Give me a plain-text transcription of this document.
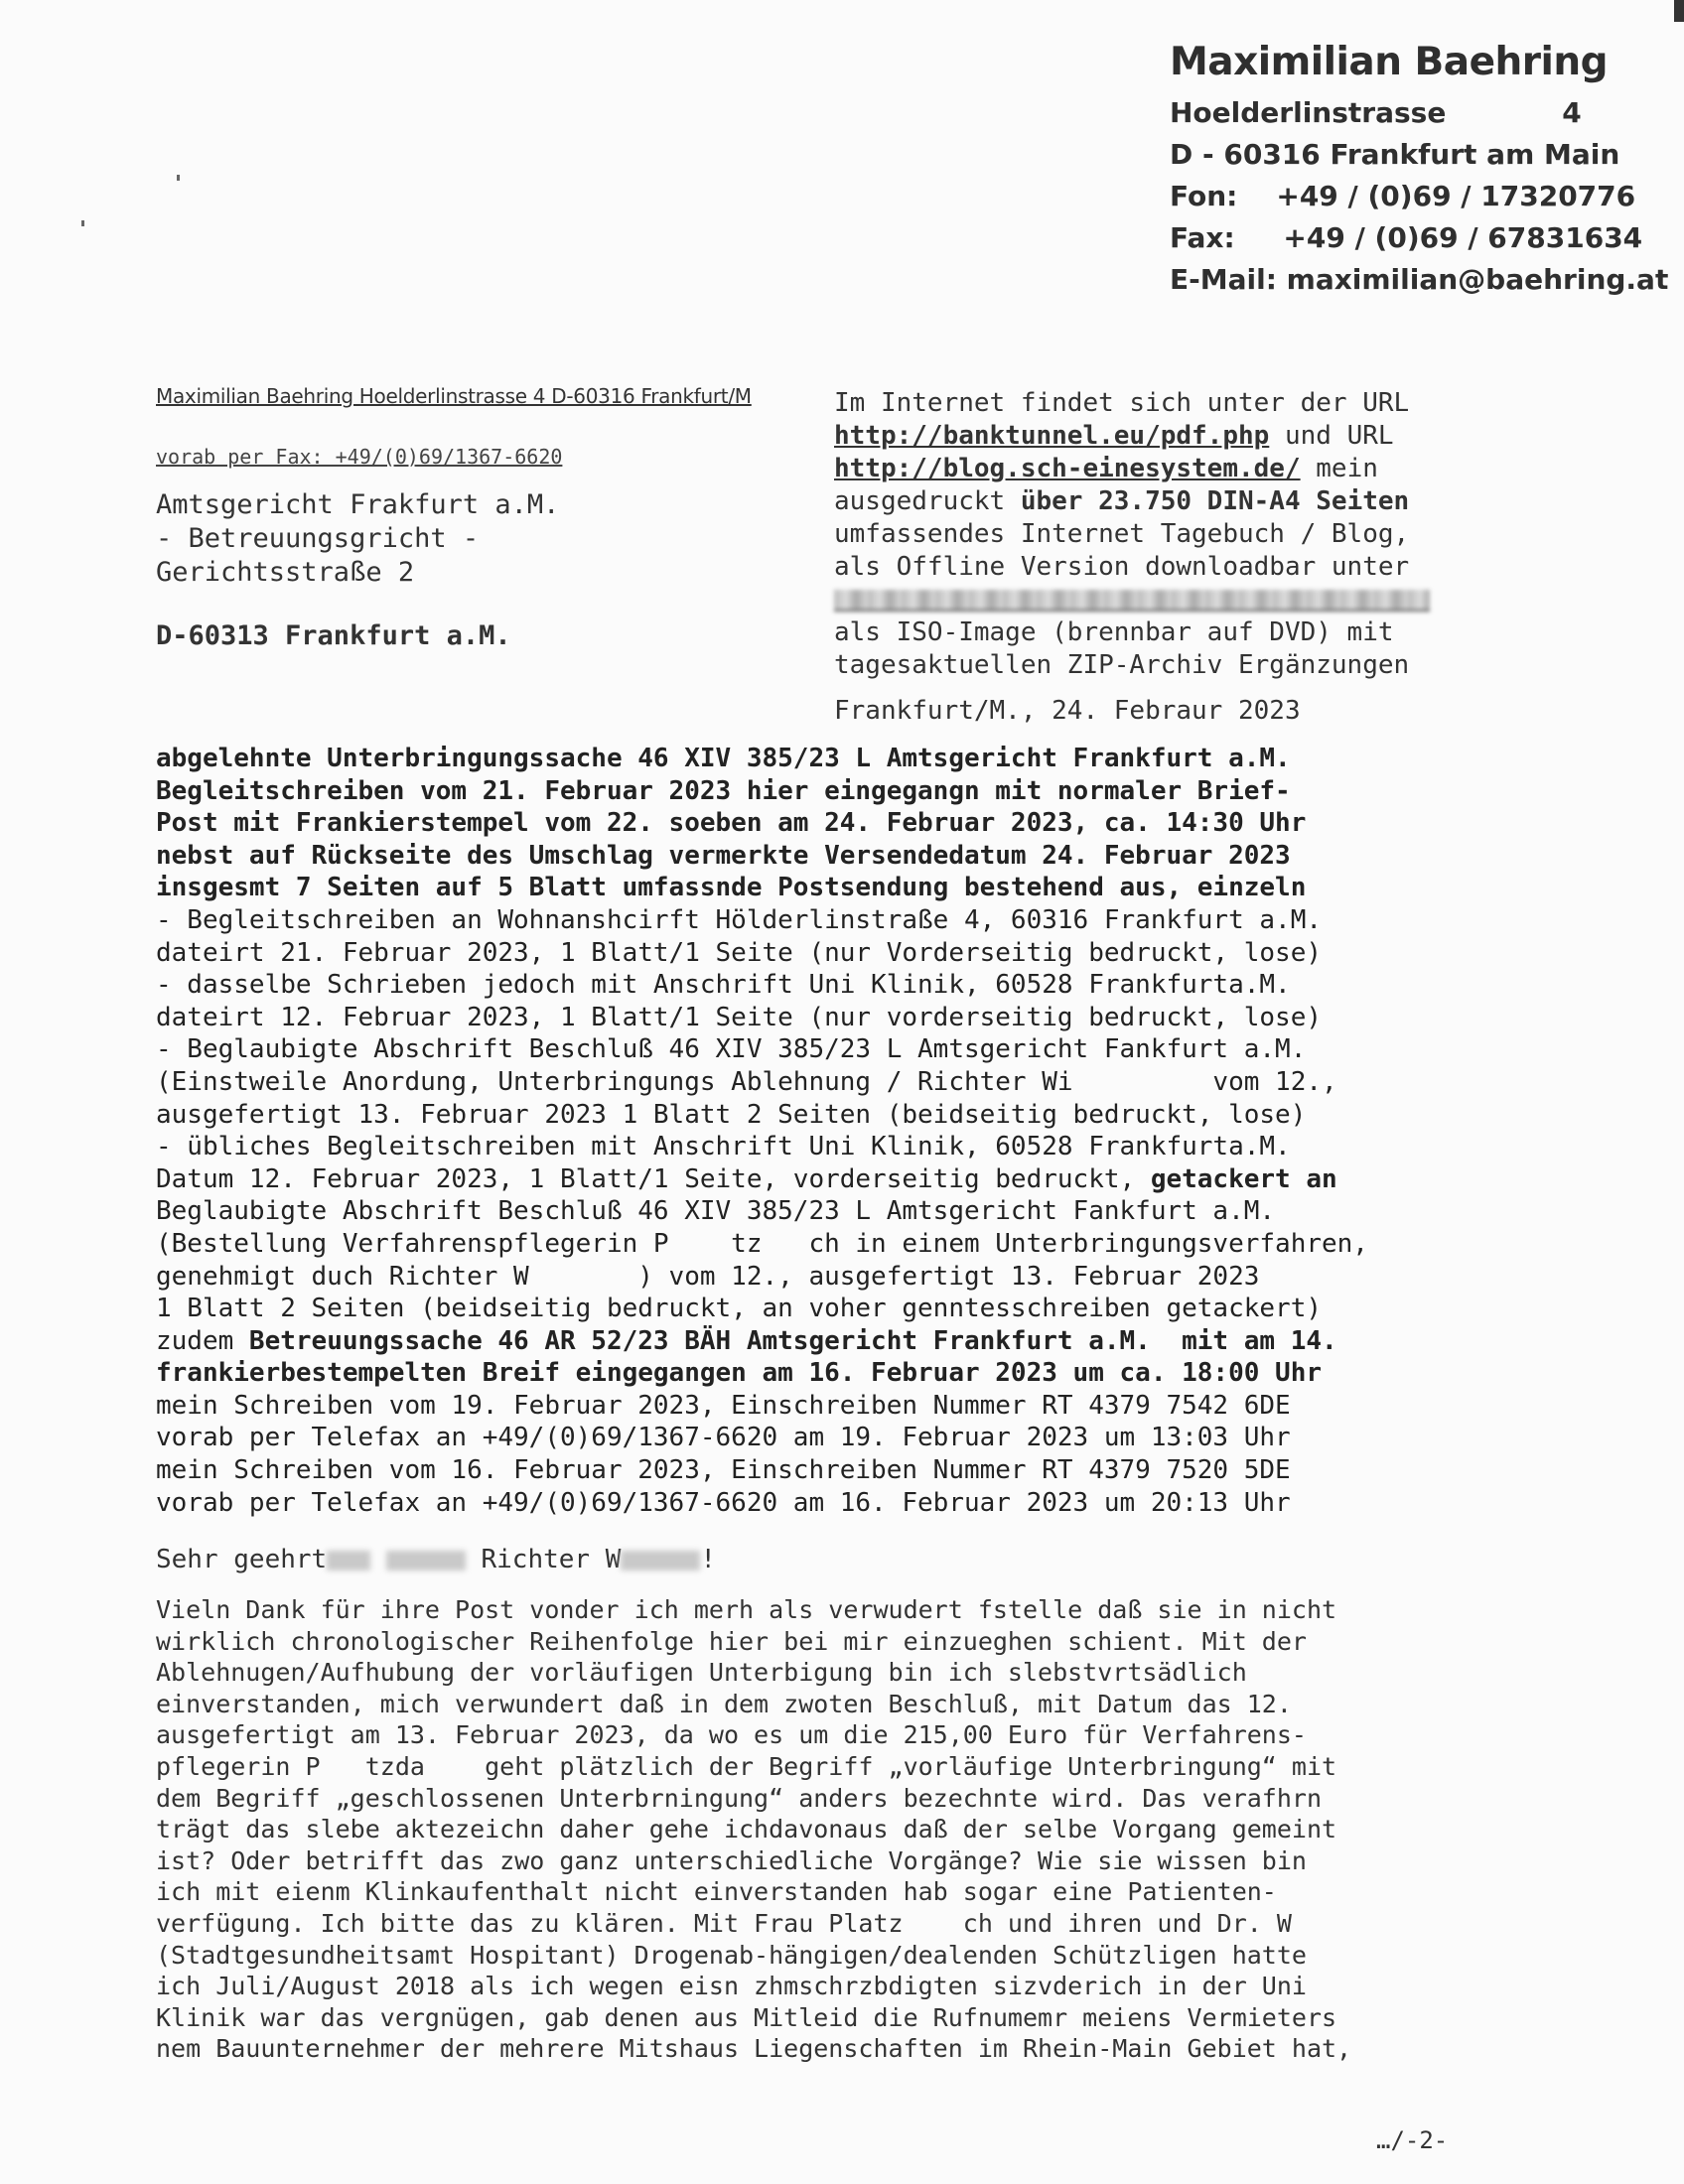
Maximilian Baehring
Hoelderlinstrasse	4
D - 60316 Frankfurt am Main
Fon: +49 / (0)69 / 17320776
Fax: +49 / (0)69 / 67831634
E-Mail: maximilian@baehring.at
Maximilian Baehring Hoelderlinstrasse 4 D-60316 Frankfurt/M
vorab per Fax: +49/(0)69/1367-6620
Amtsgericht Frakfurt a.M.
- Betreuungsgricht -
Gerichtsstraße 2
D-60313 Frankfurt a.M.
Im Internet findet sich unter der URL
http://banktunnel.eu/pdf.php und URL
http://blog.sch-einesystem.de/ mein
ausgedruckt über 23.750 DIN-A4 Seiten
umfassendes Internet Tagebuch / Blog,
als Offline Version downloadbar unter
als ISO-Image (brennbar auf DVD) mit
tagesaktuellen ZIP-Archiv Ergänzungen
Frankfurt/M., 24. Febraur 2023
abgelehnte Unterbringungssache 46 XIV 385/23 L Amtsgericht Frankfurt a.M.
Begleitschreiben vom 21. Februar 2023 hier eingegangn mit normaler Brief-
Post mit Frankierstempel vom 22. soeben am 24. Februar 2023, ca. 14:30 Uhr
nebst auf Rückseite des Umschlag vermerkte Versendedatum 24. Februar 2023
insgesmt 7 Seiten auf 5 Blatt umfassnde Postsendung bestehend aus, einzeln
- Begleitschreiben an Wohnanshcirft Hölderlinstraße 4, 60316 Frankfurt a.M.
dateirt 21. Februar 2023, 1 Blatt/1 Seite (nur Vorderseitig bedruckt, lose)
- dasselbe Schrieben jedoch mit Anschrift Uni Klinik, 60528 Frankfurta.M.
dateirt 12. Februar 2023, 1 Blatt/1 Seite (nur vorderseitig bedruckt, lose)
- Beglaubigte Abschrift Beschluß 46 XIV 385/23 L Amtsgericht Fankfurt a.M.
(Einstweile Anordung, Unterbringungs Ablehnung / Richter Wi         vom 12.,
ausgefertigt 13. Februar 2023 1 Blatt 2 Seiten (beidseitig bedruckt, lose)
- übliches Begleitschreiben mit Anschrift Uni Klinik, 60528 Frankfurta.M.
Datum 12. Februar 2023, 1 Blatt/1 Seite, vorderseitig bedruckt, getackert an
Beglaubigte Abschrift Beschluß 46 XIV 385/23 L Amtsgericht Fankfurt a.M.
(Bestellung Verfahrenspflegerin P    tz   ch in einem Unterbringungsverfahren,
genehmigt duch Richter W       ) vom 12., ausgefertigt 13. Februar 2023
1 Blatt 2 Seiten (beidseitig bedruckt, an voher genntesschreiben getackert)
zudem Betreuungssache 46 AR 52/23 BÄH Amtsgericht Frankfurt a.M.  mit am 14.
frankierbestempelten Breif eingegangen am 16. Februar 2023 um ca. 18:00 Uhr
mein Schreiben vom 19. Februar 2023, Einschreiben Nummer RT 4379 7542 6DE
vorab per Telefax an +49/(0)69/1367-6620 am 19. Februar 2023 um 13:03 Uhr
mein Schreiben vom 16. Februar 2023, Einschreiben Nummer RT 4379 7520 5DE
vorab per Telefax an +49/(0)69/1367-6620 am 16. Februar 2023 um 20:13 Uhr
Sehr geehrt	Richter W	!
Vieln Dank für ihre Post vonder ich merh als verwudert fstelle daß sie in nicht
wirklich chronologischer Reihenfolge hier bei mir einzueghen schient. Mit der
Ablehnugen/Aufhubung der vorläufigen Unterbigung bin ich slebstvrtsädlich
einverstanden, mich verwundert daß in dem zwoten Beschluß, mit Datum das 12.
ausgefertigt am 13. Februar 2023, da wo es um die 215,00 Euro für Verfahrens-
pflegerin P   tzda    geht plätzlich der Begriff „vorläufige Unterbringung“ mit
dem Begriff „geschlossenen Unterbrningung“ anders bezechnte wird. Das verafhrn
trägt das slebe aktezeichn daher gehe ichdavonaus daß der selbe Vorgang gemeint
ist? Oder betrifft das zwo ganz unterschiedliche Vorgänge? Wie sie wissen bin
ich mit eienm Klinkaufenthalt nicht einverstanden hab sogar eine Patienten-
verfügung. Ich bitte das zu klären. Mit Frau Platz    ch und ihren und Dr. W
(Stadtgesundheitsamt Hospitant) Drogenab-hängigen/dealenden Schützligen hatte
ich Juli/August 2018 als ich wegen eisn zhmschrzbdigten sizvderich in der Uni
Klinik war das vergnügen, gab denen aus Mitleid die Rufnumemr meiens Vermieters
nem Bauunternehmer der mehrere Mitshaus Liegenschaften im Rhein-Main Gebiet hat,
…/-2-
